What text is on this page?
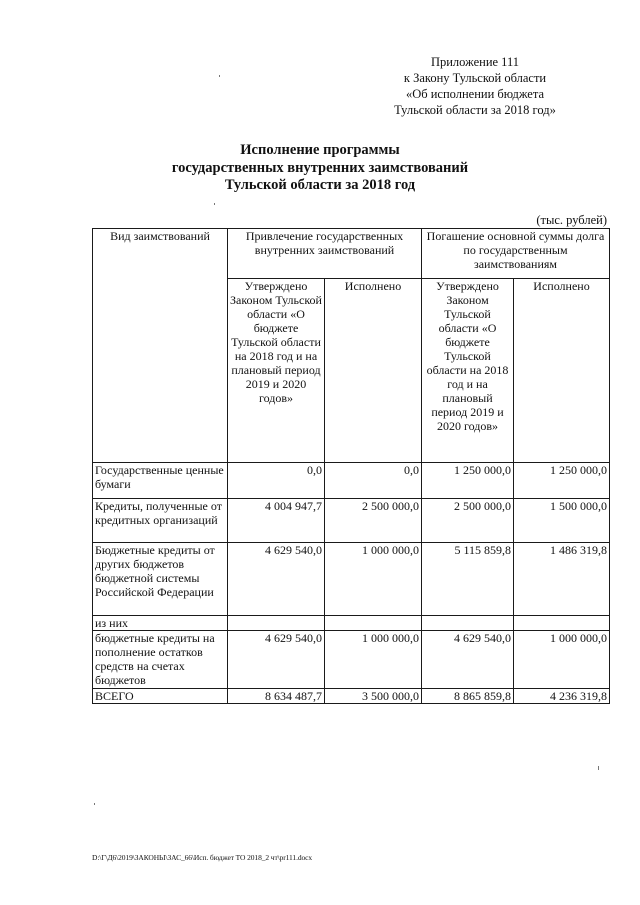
Приложение 111
к Закону Тульской области
«Об исполнении бюджета
Тульской области за 2018 год»
Исполнение программы
государственных внутренних заимствований
Тульской области за 2018 год
(тыс. рублей)
Вид заимствований	Привлечение государственных внутренних заимствований		Погашение основной суммы долга по государственным заимствованиям	
	Утверждено Законом Тульской области «О бюджете Тульской области на 2018 год и на плановый период 2019 и 2020 годов»	Исполнено	Утверждено Законом Тульской области «О бюджете Тульской области на 2018 год и на плановый период 2019 и 2020 годов»	Исполнено
Государственные ценные бумаги	0,0	0,0	1 250 000,0	1 250 000,0
Кредиты, полученные от кредитных организаций	4 004 947,7	2 500 000,0	2 500 000,0	1 500 000,0
Бюджетные кредиты от других бюджетов бюджетной системы Российской Федерации	4 629 540,0	1 000 000,0	5 115 859,8	1 486 319,8
из них				
бюджетные кредиты на пополнение остатков средств на счетах бюджетов	4 629 540,0	1 000 000,0	4 629 540,0	1 000 000,0
ВСЕГО	8 634 487,7	3 500 000,0	8 865 859,8	4 236 319,8
D:\Г\Д6\2019\ЗАКОНЫ\ЗАС_66\Исп. бюджет ТО 2018_2 чт\pr111.docx
